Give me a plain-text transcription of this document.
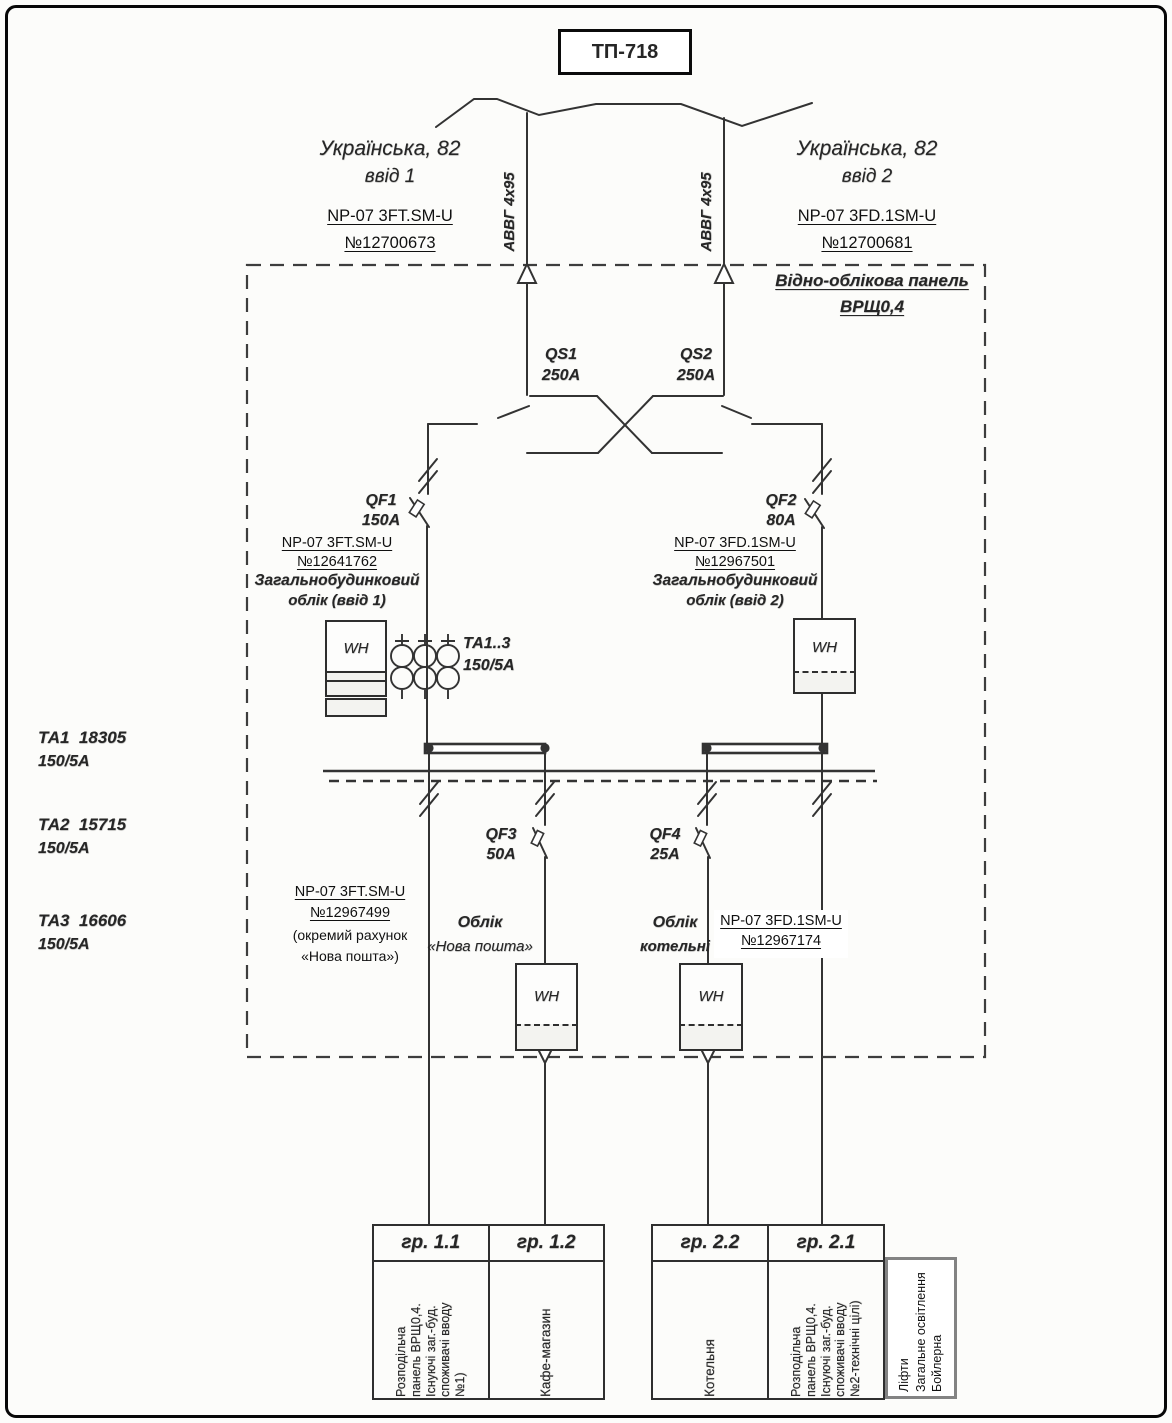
ТП-718
Українська, 82
ввід 1
NP-07 3FT.SM-U
№12700673	АВВГ 4x95
Українська, 82
ввід 2
NP-07 3FD.1SM-U
№12700681
АВВГ 4x95
Відно-облікова панель
ВРЩ0,4
QS1
250A
QS2
250A
QF1
150A
QF2
80A
QF3
50A
QF4
25A
NP-07 3FT.SM-U
№12641762
Загальнобудинковий
облік (ввід 1)
NP-07 3FD.1SM-U
№12967501
Загальнобудинковий
облік (ввід 2)
ТА1..3
150/5А
WH	WH
WH	WH
ТА1 18305
150/5А
ТА2 15715
150/5А
ТА3 16606
150/5А
NP-07 3FT.SM-U
№12967499
(окремий рахунок
«Нова пошта»)
Облік
«Нова пошта»
Облік
котельні
NP-07 3FD.1SM-U
№12967174
гр. 1.1
Розподільча панель ВРЩ0,4. Існуючі заг.-буд. споживачі вводу №1)
гр. 1.2
Кафе-магазин
гр. 2.2
Котельня
гр. 2.1
Розподільча панель ВРЩ0,4. Існуючі заг.-буд. споживачі вводу №2-технічні цілі)	Ліфти Загальне освітлення Бойлерна
